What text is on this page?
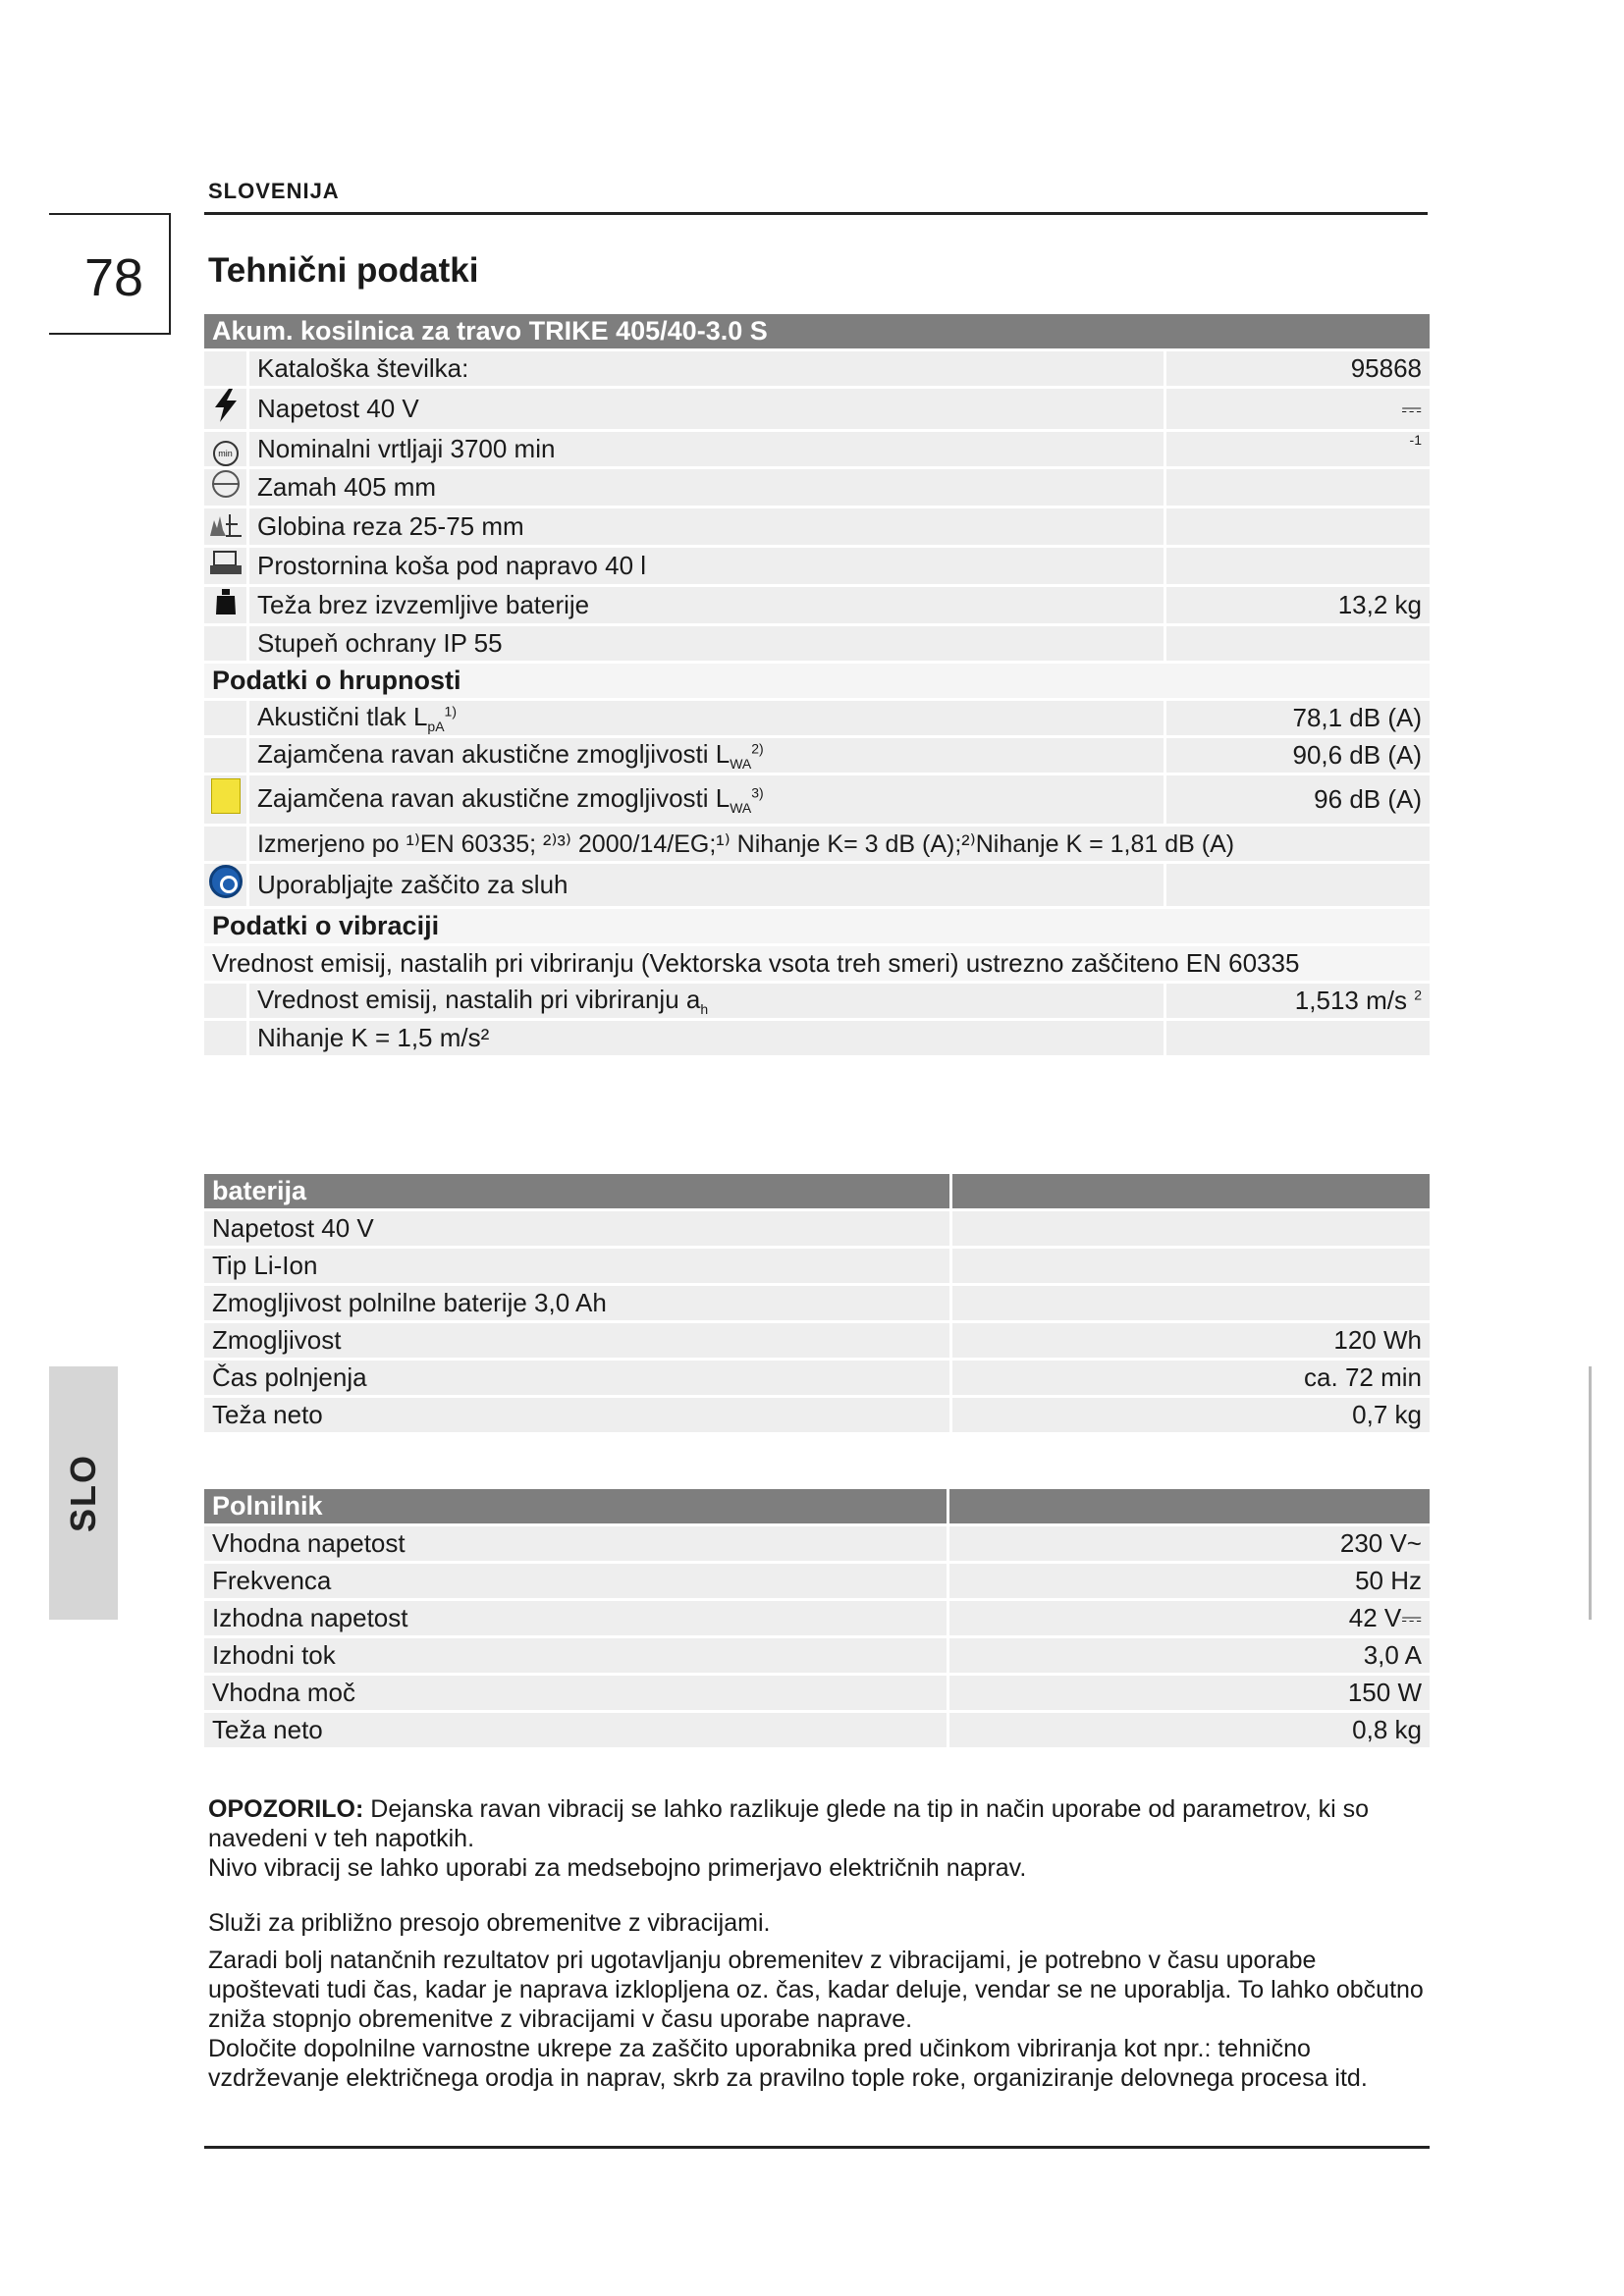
SLOVENIJA
78 Tehnični podatki
SLO
Akum. kosilnica za travo TRIKE 405/40-3.0 S		
	Kataloška številka:	95868
	Napetost 40 V	⎓
min	Nominalni vrtljaji 3700 min	-1
	Zamah 405 mm	
	Globina reza 25-75 mm	
	Prostornina koša pod napravo 40 l	
	Teža brez izvzemljive baterije	13,2 kg
	Stupeň ochrany IP 55	
Podatki o hrupnosti		
	Akustični tlak $L_{pA}^{1)}$	78,1 dB (A)
	Zajamčena ravan akustične zmogljivosti $L_{WA}^{2)}$	90,6 dB (A)
	Zajamčena ravan akustične zmogljivosti $L_{WA}^{3)}$	96 dB (A)
	Izmerjeno po ¹⁾EN 60335; ²⁾³⁾ 2000/14/EG;¹⁾ Nihanje K= 3 dB (A);²⁾Nihanje K = 1,81 dB (A)	
	Uporabljajte zaščito za sluh	
Podatki o vibraciji		
Vrednost emisij, nastalih pri vibriranju (Vektorska vsota treh smeri) ustrezno zaščiteno EN 60335		
	Vrednost emisij, nastalih pri vibriranju $a_h$	1,513 m/s $^2$
	Nihanje K = 1,5 m/s²	
baterija	
Napetost 40 V	
Tip Li-Ion	
Zmogljivost polnilne baterije 3,0 Ah	
Zmogljivost	120 Wh
Čas polnjenja	ca. 72 min
Teža neto	0,7 kg
Polnilnik	
Vhodna napetost	230 V~
Frekvenca	50 Hz
Izhodna napetost	42 V⎓
Izhodni tok	3,0 A
Vhodna moč	150 W
Teža neto	0,8 kg
OPOZORILO: Dejanska ravan vibracij se lahko razlikuje glede na tip in način uporabe od parametrov, ki so navedeni v teh napotkih.
Nivo vibracij se lahko uporabi za medsebojno primerjavo električnih naprav.
Služi za približno presojo obremenitve z vibracijami.
Zaradi bolj natančnih rezultatov pri ugotavljanju obremenitev z vibracijami, je potrebno v času uporabe upoštevati tudi čas, kadar je naprava izklopljena oz. čas, kadar deluje, vendar se ne uporablja. To lahko občutno zniža stopnjo obremenitve z vibracijami v času uporabe naprave.
Določite dopolnilne varnostne ukrepe za zaščito uporabnika pred učinkom vibriranja kot npr.: tehnično vzdrževanje električnega orodja in naprav, skrb za pravilno tople roke, organiziranje delovnega procesa itd.
